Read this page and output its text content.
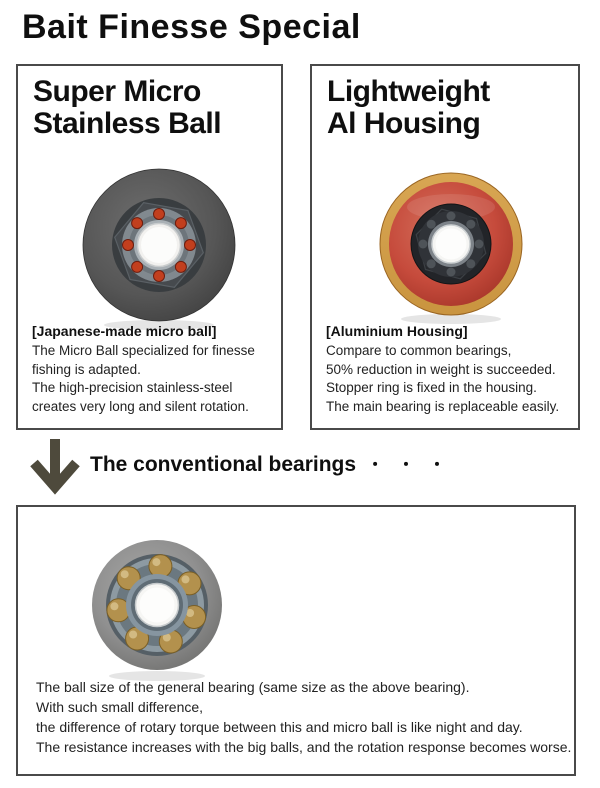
Bait Finesse Special
Super Micro
Stainless Ball
[Japanese-made micro ball]
The Micro Ball specialized for finesse fishing is adapted.
The high-precision stainless-steel creates very long and silent rotation.
Lightweight
Al Housing
[Aluminium Housing]
Compare to common bearings,
50% reduction in weight is succeeded.
Stopper ring is fixed in the housing.
The main bearing is replaceable easily.
The conventional bearings ・・・
The ball size of the general bearing (same size as the above bearing).
With such small difference,
the difference of rotary torque between this and micro ball is like night and day.
The resistance increases with the big balls, and the rotation response becomes worse.
